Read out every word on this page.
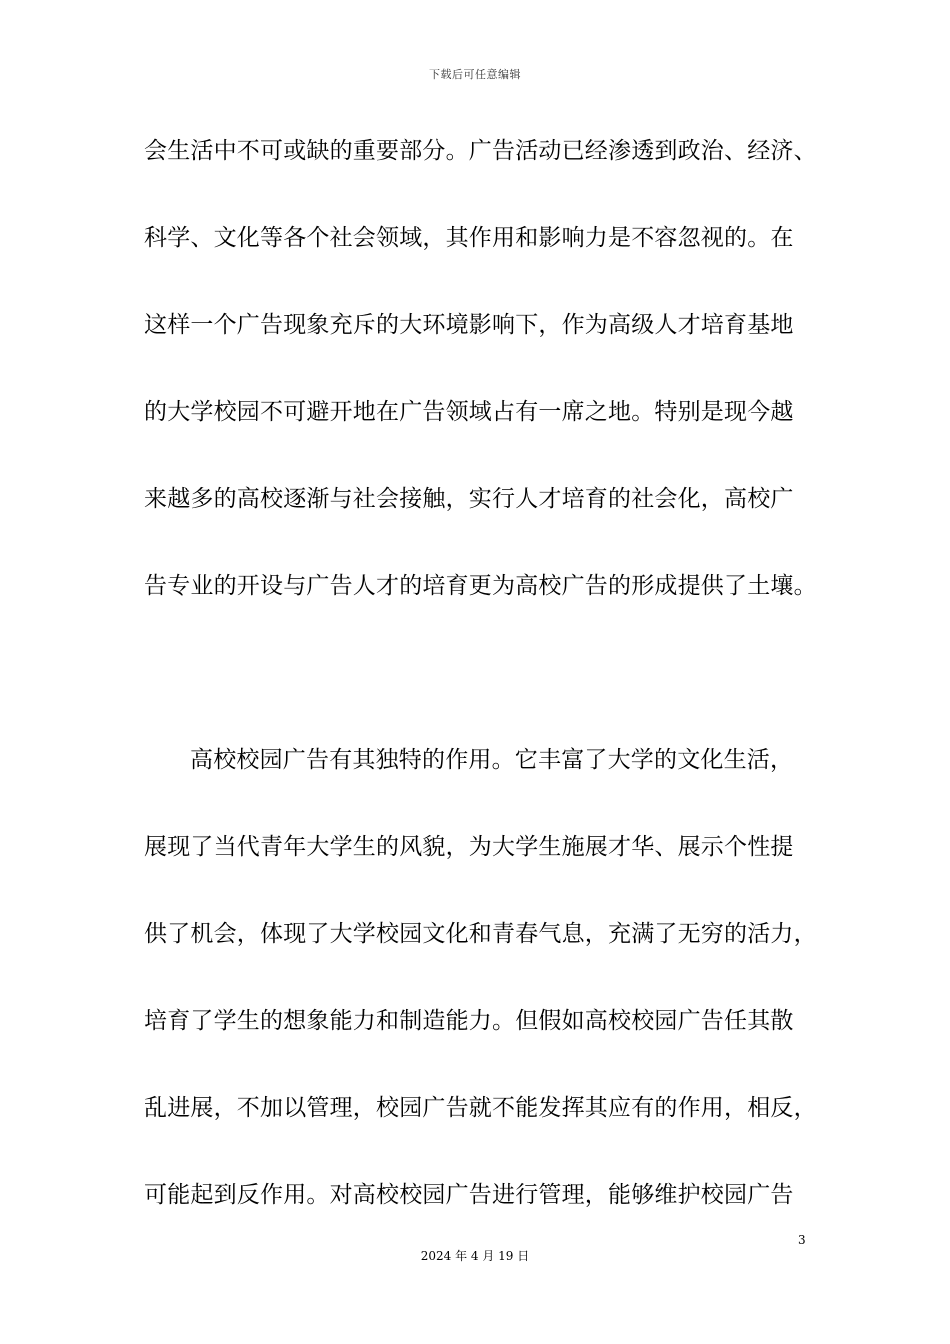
下载后可任意编辑
会生活中不可或缺的重要部分。广告活动已经渗透到政治、经济、
科学、文化等各个社会领域，其作用和影响力是不容忽视的。在
这样一个广告现象充斥的大环境影响下，作为高级人才培育基地
的大学校园不可避开地在广告领域占有一席之地。特别是现今越
来越多的高校逐渐与社会接触，实行人才培育的社会化，高校广
告专业的开设与广告人才的培育更为高校广告的形成提供了土壤。
高校校园广告有其独特的作用。它丰富了大学的文化生活，
展现了当代青年大学生的风貌，为大学生施展才华、展示个性提
供了机会，体现了大学校园文化和青春气息，充满了无穷的活力，
培育了学生的想象能力和制造能力。但假如高校校园广告任其散
乱进展，不加以管理，校园广告就不能发挥其应有的作用，相反，
可能起到反作用。对高校校园广告进行管理，能够维护校园广告
3
2024 年 4 月 19 日
